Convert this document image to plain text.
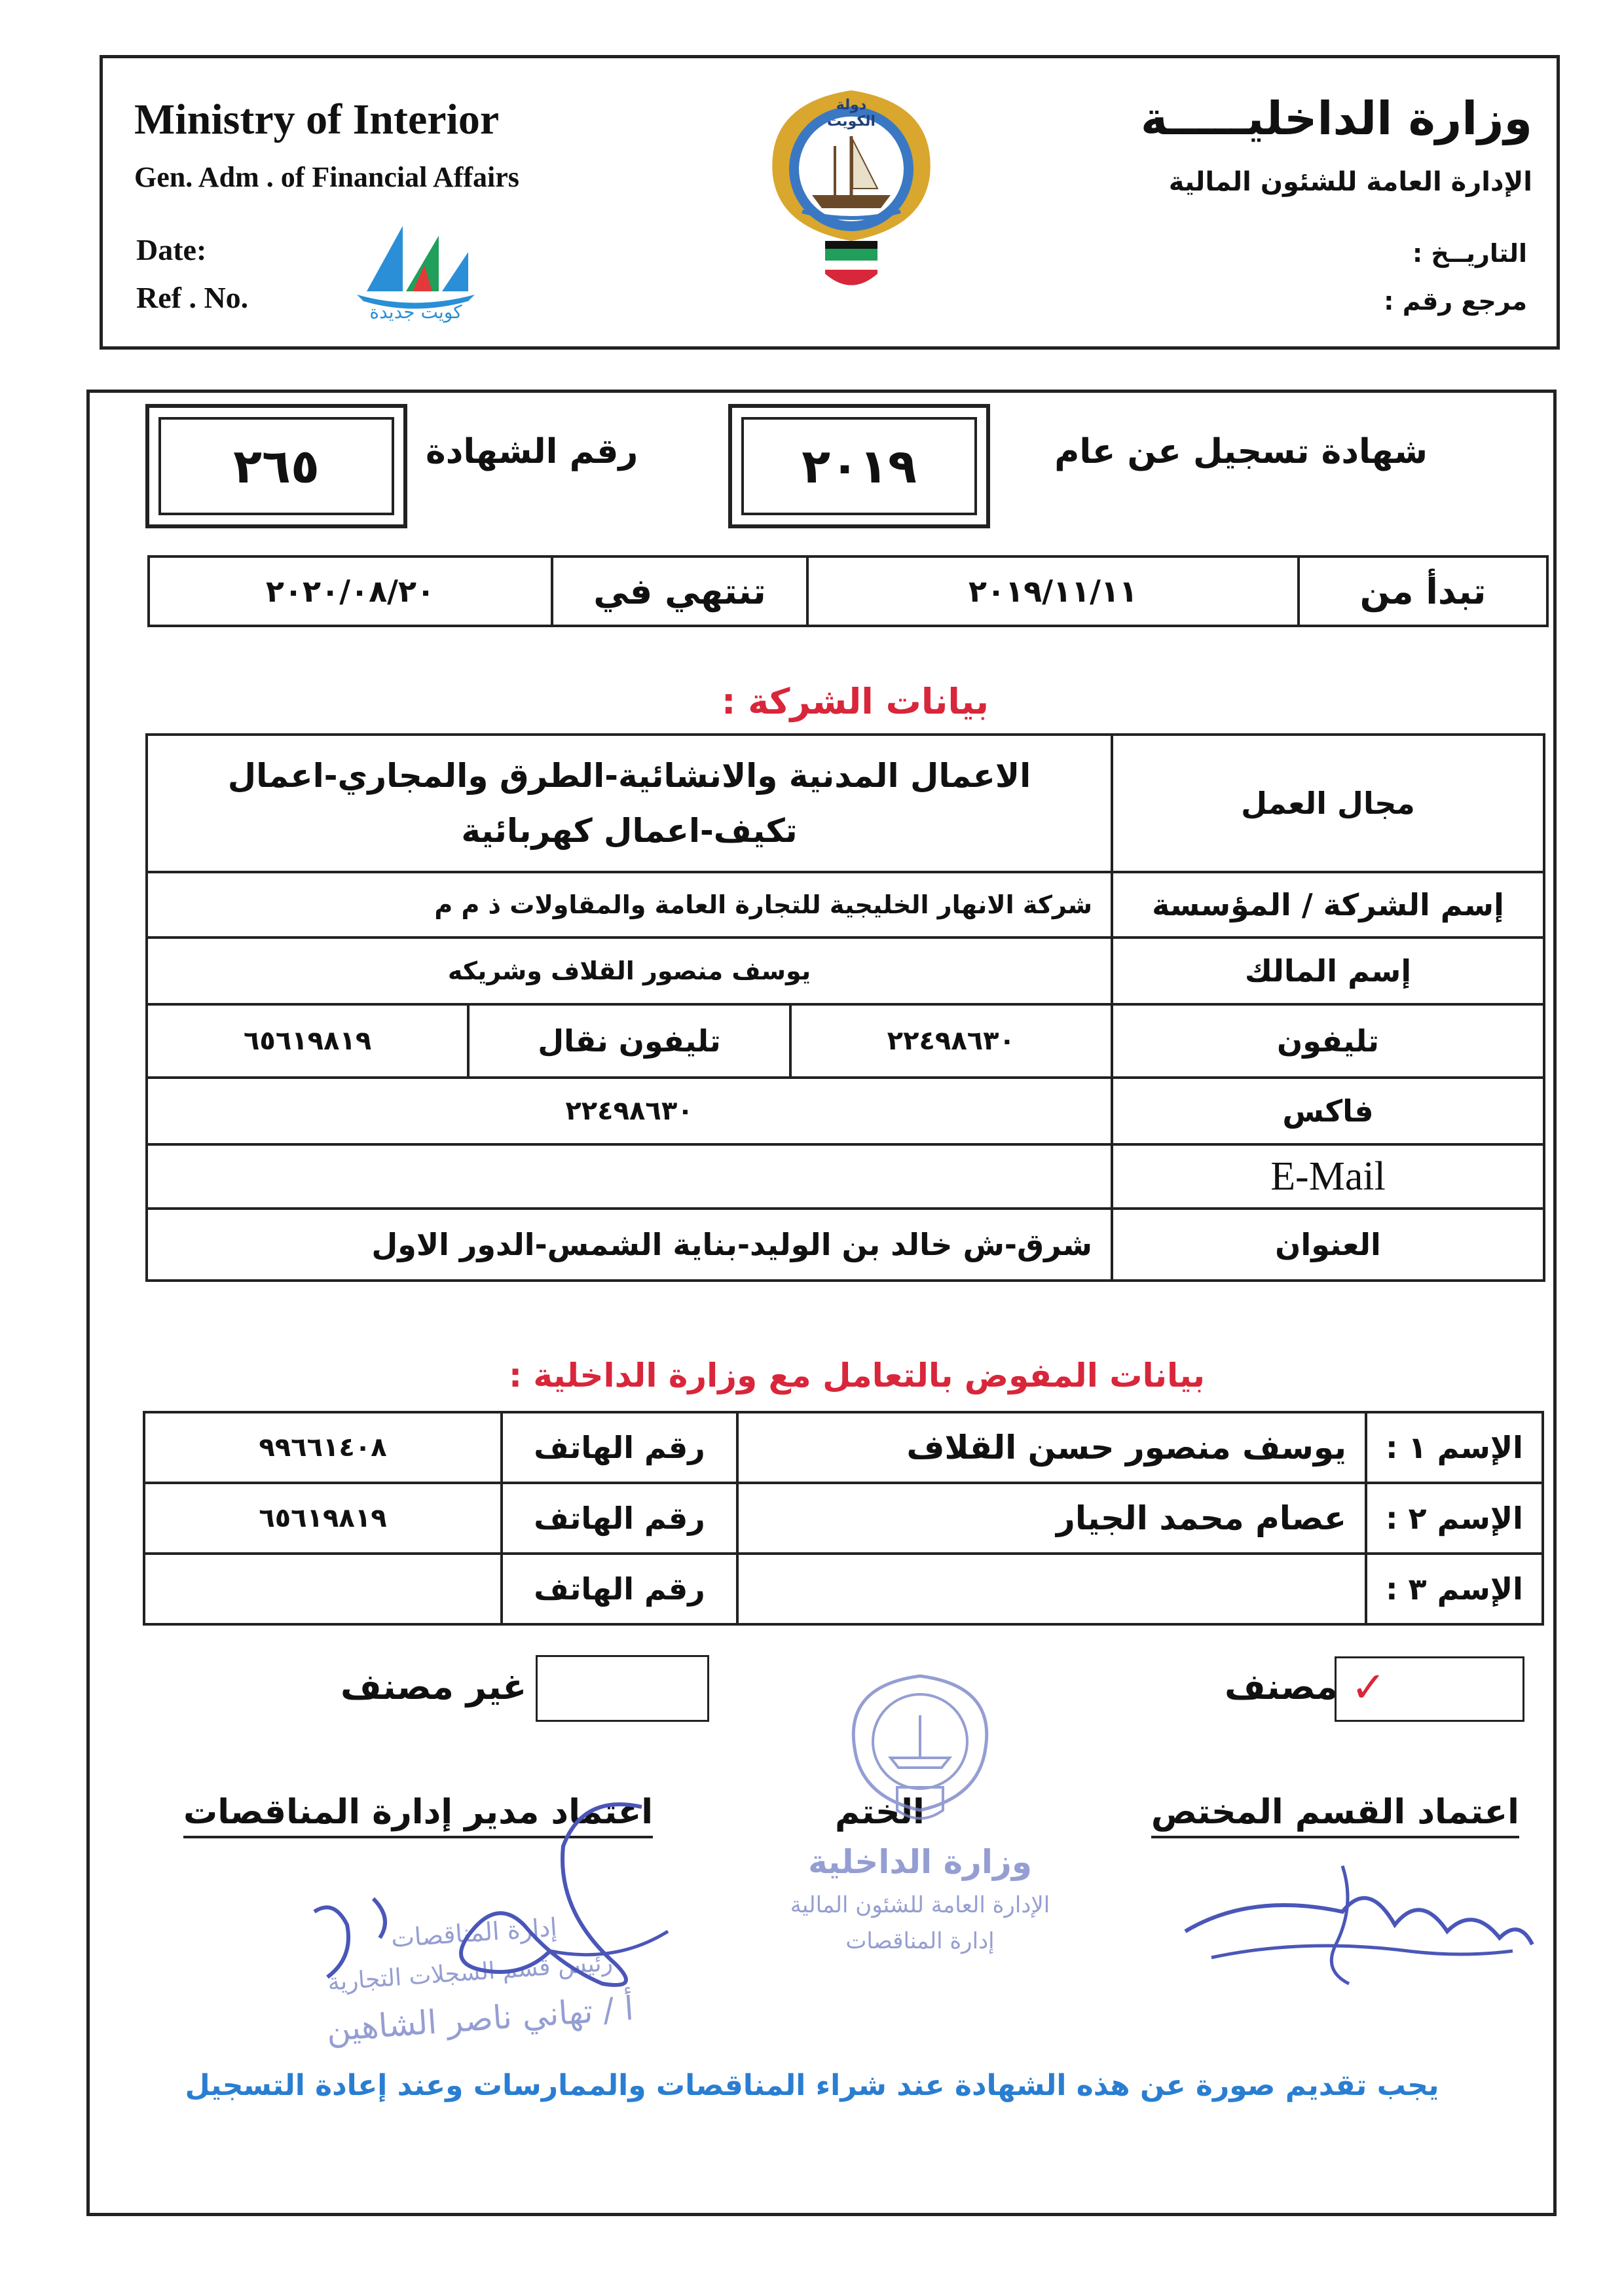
Ministry of Interior
Gen. Adm . of Financial Affairs
Date:
Ref . No.	كويت جديدة
دولة الكويت	وزارة الداخليـــــة
الإدارة العامة للشئون المالية
التاريــخ :
مرجع رقم :
شهادة تسجيل عن عام
٢٠١٩
رقم الشهادة
٢٦٥
تبدأ من	٢٠١٩/١١/١١	تنتهي في	٢٠٢٠/٠٨/٢٠
بيانات الشركة :
مجال العمل	الاعمال المدنية والانشائية-الطرق والمجاري-اعمال
تكيف-اعمال كهربائية		

إسم الشركة / المؤسسة	شركة الانهار الخليجية للتجارة العامة والمقاولات ذ م م		
إسم المالك	يوسف منصور القلاف وشريكه		
تليفون	٢٢٤٩٨٦٣٠	تليفون نقال	٦٥٦١٩٨١٩
فاكس	٢٢٤٩٨٦٣٠		
E-Mail			
العنوان	شرق-ش خالد بن الوليد-بناية الشمس-الدور الاول		
بيانات المفوض بالتعامل مع وزارة الداخلية :
الإسم ١ :	يوسف منصور حسن القلاف	رقم الهاتف	٩٩٦٦١٤٠٨
الإسم ٢ :	عصام محمد الجيار	رقم الهاتف	٦٥٦١٩٨١٩
الإسم ٣ :		رقم الهاتف	
مصنف ✓
غير مصنف
اعتماد القسم المختص
الختم
اعتماد مدير إدارة المناقصات
وزارة الداخلية
الإدارة العامة للشئون المالية
إدارة المناقصات
إدارة المناقصات
رئيس قسم السجلات التجارية
أ / تهاني ناصر الشاهين
يجب تقديم صورة عن هذه الشهادة عند شراء المناقصات والممارسات وعند إعادة التسجيل
